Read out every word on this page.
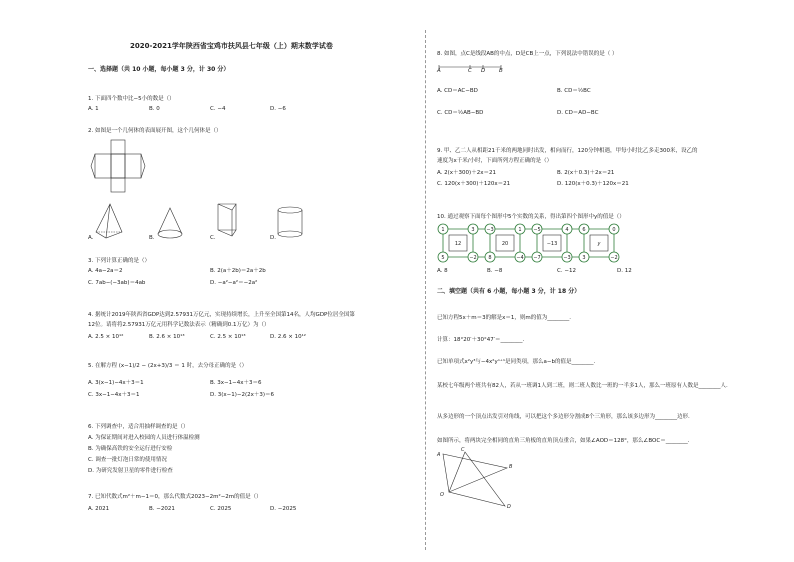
2020-2021学年陕西省宝鸡市扶风县七年级（上）期末数学试卷
一、选择题（共 10 小题，每小题 3 分，计 30 分）
1. 下面四个数中比−5小的数是（）
A. 1	B. 0	C. −4	D. −6
2. 如图是一个几何体的表面展开图，这个几何体是（）
A.	B.	C.	D.
3. 下列计算正确的是（）
A. 4a−2a＝2	B. 2(a＋2b)＝2a＋2b
C. 7ab−(−3ab)＝4ab	D. −a²−a²＝−2a²
4. 据统计2019年陕西省GDP达到2.57931万亿元，实现持续增长，上升至全国第14名，人均GDP位居全国第
12位。请将将2.57931万亿元用科学记数法表示（精确到0.1万亿）为（）
A. 2.5 × 10¹²	B. 2.6 × 10¹³	C. 2.5 × 10¹³	D. 2.6 × 10¹²
5. 在解方程 (x−1)/2 − (2x+3)/3 ＝ 1 时，去分母正确的是（）
A. 3(x−1)−4x＋3＝1	B. 3x−1−4x＋3＝6
C. 3x−1−4x＋3＝1	D. 3(x−1)−2(2x＋3)＝6
6. 下列调查中，适合用抽样调查的是（）
A. 为保证期间对进入校园的人员进行体温检测
B. 为确保高铁的安全运行进行安检
C. 调查一批灯泡日常的使用情况
D. 为研究发射卫星的零件进行检查
7. 已知代数式m²＋m−1＝0，那么代数式2023−2m²−2m的值是（）
A. 2021	B. −2021	C. 2025	D. −2025
8. 如图，点C是线段AB的中点，D是CB上一点，下列说法中错误的是（ ）
A	C D	B
A. CD＝AC−BD	B. CD＝½BC
C. CD＝½AB−BD	D. CD＝AD−BC
9. 甲、乙二人从相距21千米的两地同时出发，相向而行，120分钟相遇，甲每小时比乙多走300米，设乙的
速度为x千米/小时，下面所列方程正确的是（）
A. 2(x＋300)＋2x＝21	B. 2(x＋0.3)＋2x＝21
C. 120(x＋300)＋120x＝21	D. 120(x＋0.3)＋120x＝21
10. 通过观察下面每个图形中5个实数的关系，得出第四个图形中y的值是（）
1	3
5	−2
12
−3	1
8	−4
20
−5	4
−7	−3
−13
6	0
3	−2
y
A. 8	B. −8	C. −12	D. 12
二、填空题（共有 6 小题，每小题 3 分，计 18 分）
已知方程5x＋m＝3的解是x＝1，则m的值为________.
计算：18°20′＋30°47′＝________.
已知单项式x²y³与−4x²yⁿ⁺¹是同类项，那么a−b的值是________.
某校七年级两个班共有82人，若从一班调1人到二班，则二班人数比一班的一半多1人，那么一班原有人数是________人.
从多边形的一个顶点出发引对角线，可以把这个多边形分割成8个三角形，那么该多边形为________边形.
如图所示，将两块完全相同的直角三角板的直角顶点重合，如果∠AOD＝128°，那么∠BOC＝________.
A
B
C
O
D
